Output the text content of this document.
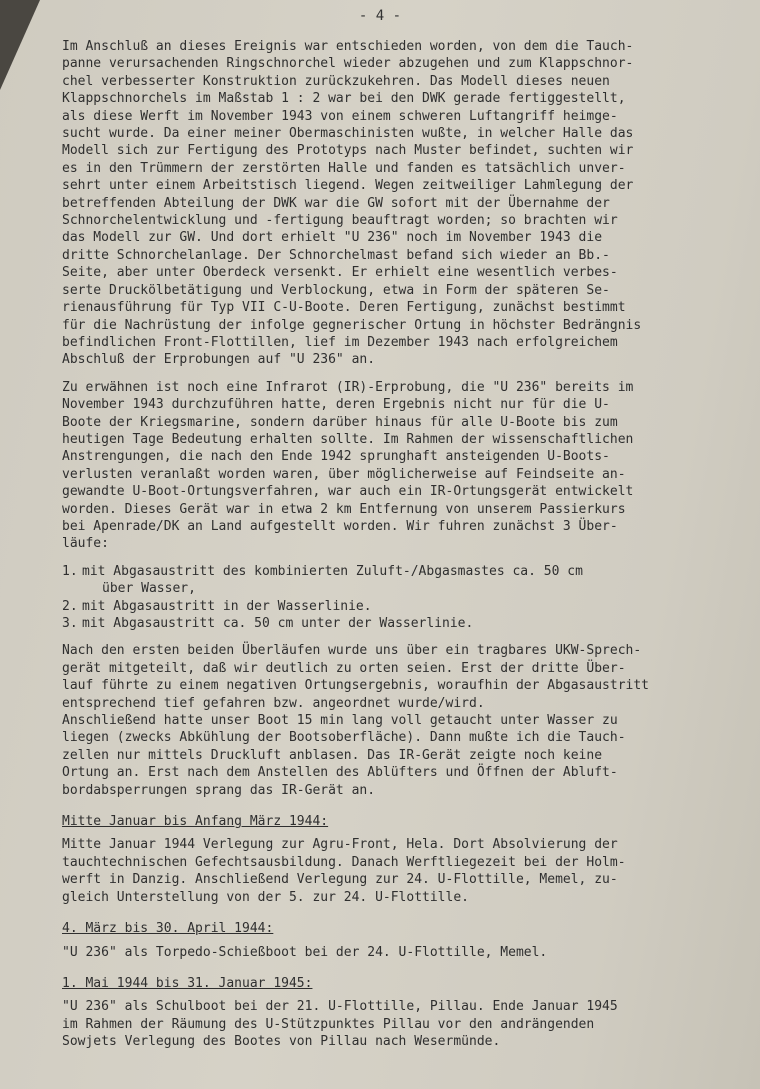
- 4 -
Im Anschluß an dieses Ereignis war entschieden worden, von dem die Tauch-
panne verursachenden Ringschnorchel wieder abzugehen und zum Klappschnor-
chel verbesserter Konstruktion zurückzukehren. Das Modell dieses neuen
Klappschnorchels im Maßstab 1 : 2 war bei den DWK gerade fertiggestellt,
als diese Werft im November 1943 von einem schweren Luftangriff heimge-
sucht wurde. Da einer meiner Obermaschinisten wußte, in welcher Halle das
Modell sich zur Fertigung des Prototyps nach Muster befindet, suchten wir
es in den Trümmern der zerstörten Halle und fanden es tatsächlich unver-
sehrt unter einem Arbeitstisch liegend. Wegen zeitweiliger Lahmlegung der
betreffenden Abteilung der DWK war die GW sofort mit der Übernahme der
Schnorchelentwicklung und -fertigung beauftragt worden; so brachten wir
das Modell zur GW. Und dort erhielt "U 236" noch im November 1943 die
dritte Schnorchelanlage. Der Schnorchelmast befand sich wieder an Bb.-
Seite, aber unter Oberdeck versenkt. Er erhielt eine wesentlich verbes-
serte Druckölbetätigung und Verblockung, etwa in Form der späteren Se-
rienausführung für Typ VII C-U-Boote. Deren Fertigung, zunächst bestimmt
für die Nachrüstung der infolge gegnerischer Ortung in höchster Bedrängnis
befindlichen Front-Flottillen, lief im Dezember 1943 nach erfolgreichem
Abschluß der Erprobungen auf "U 236" an.
Zu erwähnen ist noch eine Infrarot (IR)-Erprobung, die "U 236" bereits im
November 1943 durchzuführen hatte, deren Ergebnis nicht nur für die U-
Boote der Kriegsmarine, sondern darüber hinaus für alle U-Boote bis zum
heutigen Tage Bedeutung erhalten sollte. Im Rahmen der wissenschaftlichen
Anstrengungen, die nach den Ende 1942 sprunghaft ansteigenden U-Boots-
verlusten veranlaßt worden waren, über möglicherweise auf Feindseite an-
gewandte U-Boot-Ortungsverfahren, war auch ein IR-Ortungsgerät entwickelt
worden. Dieses Gerät war in etwa 2 km Entfernung von unserem Passierkurs
bei Apenrade/DK an Land aufgestellt worden. Wir fuhren zunächst 3 Über-
läufe:
1. mit Abgasaustritt des kombinierten Zuluft-/Abgasmastes ca. 50 cm
über Wasser,
2. mit Abgasaustritt in der Wasserlinie.
3. mit Abgasaustritt ca. 50 cm unter der Wasserlinie.
Nach den ersten beiden Überläufen wurde uns über ein tragbares UKW-Sprech-
gerät mitgeteilt, daß wir deutlich zu orten seien. Erst der dritte Über-
lauf führte zu einem negativen Ortungsergebnis, woraufhin der Abgasaustritt
entsprechend tief gefahren bzw. angeordnet wurde/wird.
Anschließend hatte unser Boot 15 min lang voll getaucht unter Wasser zu
liegen (zwecks Abkühlung der Bootsoberfläche). Dann mußte ich die Tauch-
zellen nur mittels Druckluft anblasen. Das IR-Gerät zeigte noch keine
Ortung an. Erst nach dem Anstellen des Ablüfters und Öffnen der Abluft-
bordabsperrungen sprang das IR-Gerät an.
Mitte Januar bis Anfang März 1944:
Mitte Januar 1944 Verlegung zur Agru-Front, Hela. Dort Absolvierung der
tauchtechnischen Gefechtsausbildung. Danach Werftliegezeit bei der Holm-
werft in Danzig. Anschließend Verlegung zur 24. U-Flottille, Memel, zu-
gleich Unterstellung von der 5. zur 24. U-Flottille.
4. März bis 30. April 1944:
"U 236" als Torpedo-Schießboot bei der 24. U-Flottille, Memel.
1. Mai 1944 bis 31. Januar 1945:
"U 236" als Schulboot bei der 21. U-Flottille, Pillau. Ende Januar 1945
im Rahmen der Räumung des U-Stützpunktes Pillau vor den andrängenden
Sowjets Verlegung des Bootes von Pillau nach Wesermünde.
